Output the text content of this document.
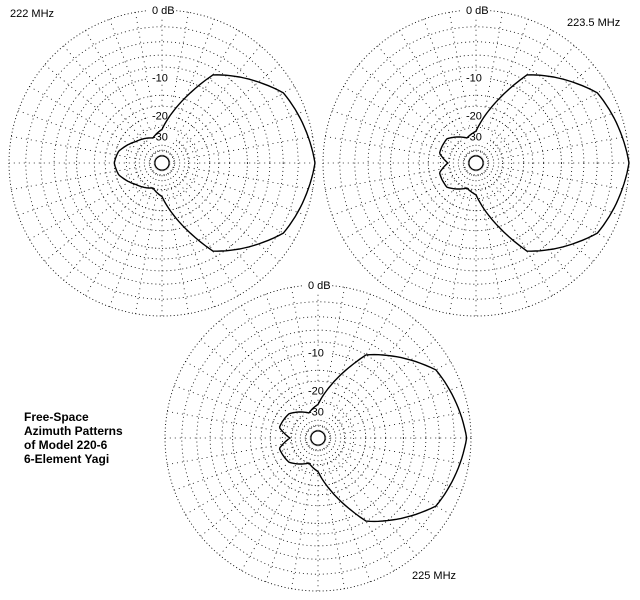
0 dB
-10
-20
-30
0 dB
-10
-20
-30
0 dB
-10
-20
-30
222 MHz
223.5 MHz
225 MHz
Free-Space
Azimuth Patterns
of Model 220-6
6-Element Yagi
